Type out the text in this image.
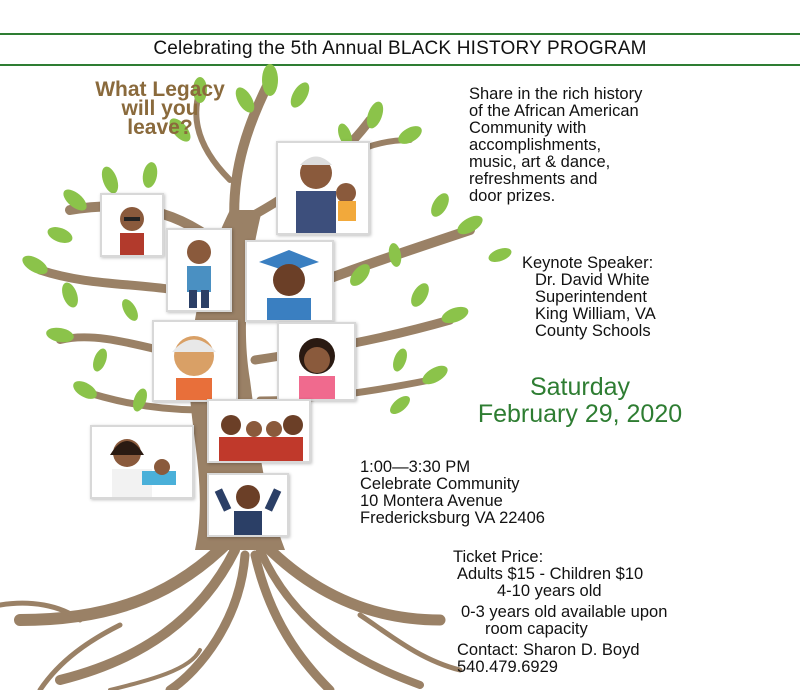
Celebrating the 5th Annual BLACK HISTORY PROGRAM
What Legacy
will you
leave?
Share in the rich history
of the African American
Community with
accomplishments,
music, art & dance,
refreshments and
door prizes.
Keynote Speaker:
Dr. David White
Superintendent
King William, VA
County Schools
Saturday
February 29, 2020
1:00—3:30 PM
Celebrate Community
10 Montera Avenue
Fredericksburg VA 22406
Ticket Price:
Adults $15 - Children $10
4-10 years old
0-3 years old available upon
room capacity
Contact: Sharon D. Boyd
540.479.6929
